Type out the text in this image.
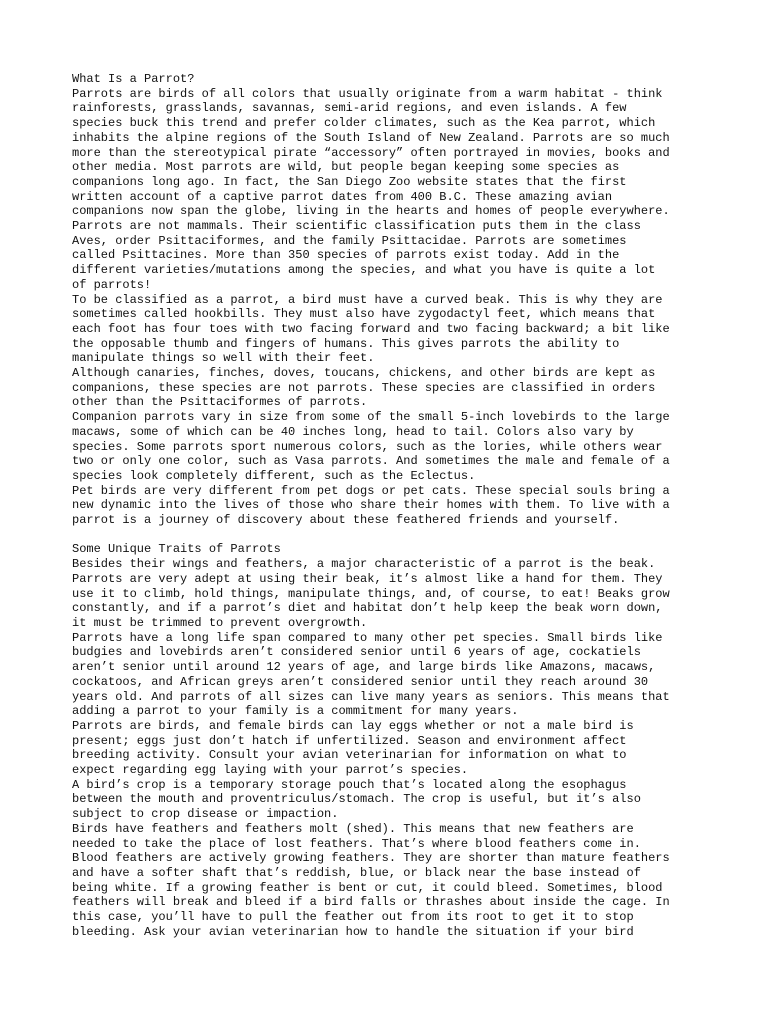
What Is a Parrot?
Parrots are birds of all colors that usually originate from a warm habitat - think
rainforests, grasslands, savannas, semi-arid regions, and even islands. A few
species buck this trend and prefer colder climates, such as the Kea parrot, which
inhabits the alpine regions of the South Island of New Zealand. Parrots are so much
more than the stereotypical pirate “accessory” often portrayed in movies, books and
other media. Most parrots are wild, but people began keeping some species as
companions long ago. In fact, the San Diego Zoo website states that the first
written account of a captive parrot dates from 400 B.C. These amazing avian
companions now span the globe, living in the hearts and homes of people everywhere.
Parrots are not mammals. Their scientific classification puts them in the class
Aves, order Psittaciformes, and the family Psittacidae. Parrots are sometimes
called Psittacines. More than 350 species of parrots exist today. Add in the
different varieties/mutations among the species, and what you have is quite a lot
of parrots!
To be classified as a parrot, a bird must have a curved beak. This is why they are
sometimes called hookbills. They must also have zygodactyl feet, which means that
each foot has four toes with two facing forward and two facing backward; a bit like
the opposable thumb and fingers of humans. This gives parrots the ability to
manipulate things so well with their feet.
Although canaries, finches, doves, toucans, chickens, and other birds are kept as
companions, these species are not parrots. These species are classified in orders
other than the Psittaciformes of parrots.
Companion parrots vary in size from some of the small 5-inch lovebirds to the large
macaws, some of which can be 40 inches long, head to tail. Colors also vary by
species. Some parrots sport numerous colors, such as the lories, while others wear
two or only one color, such as Vasa parrots. And sometimes the male and female of a
species look completely different, such as the Eclectus.
Pet birds are very different from pet dogs or pet cats. These special souls bring a
new dynamic into the lives of those who share their homes with them. To live with a
parrot is a journey of discovery about these feathered friends and yourself.
Some Unique Traits of Parrots
Besides their wings and feathers, a major characteristic of a parrot is the beak.
Parrots are very adept at using their beak, it’s almost like a hand for them. They
use it to climb, hold things, manipulate things, and, of course, to eat! Beaks grow
constantly, and if a parrot’s diet and habitat don’t help keep the beak worn down,
it must be trimmed to prevent overgrowth.
Parrots have a long life span compared to many other pet species. Small birds like
budgies and lovebirds aren’t considered senior until 6 years of age, cockatiels
aren’t senior until around 12 years of age, and large birds like Amazons, macaws,
cockatoos, and African greys aren’t considered senior until they reach around 30
years old. And parrots of all sizes can live many years as seniors. This means that
adding a parrot to your family is a commitment for many years.
Parrots are birds, and female birds can lay eggs whether or not a male bird is
present; eggs just don’t hatch if unfertilized. Season and environment affect
breeding activity. Consult your avian veterinarian for information on what to
expect regarding egg laying with your parrot’s species.
A bird’s crop is a temporary storage pouch that’s located along the esophagus
between the mouth and proventriculus/stomach. The crop is useful, but it’s also
subject to crop disease or impaction.
Birds have feathers and feathers molt (shed). This means that new feathers are
needed to take the place of lost feathers. That’s where blood feathers come in.
Blood feathers are actively growing feathers. They are shorter than mature feathers
and have a softer shaft that’s reddish, blue, or black near the base instead of
being white. If a growing feather is bent or cut, it could bleed. Sometimes, blood
feathers will break and bleed if a bird falls or thrashes about inside the cage. In
this case, you’ll have to pull the feather out from its root to get it to stop
bleeding. Ask your avian veterinarian how to handle the situation if your bird
